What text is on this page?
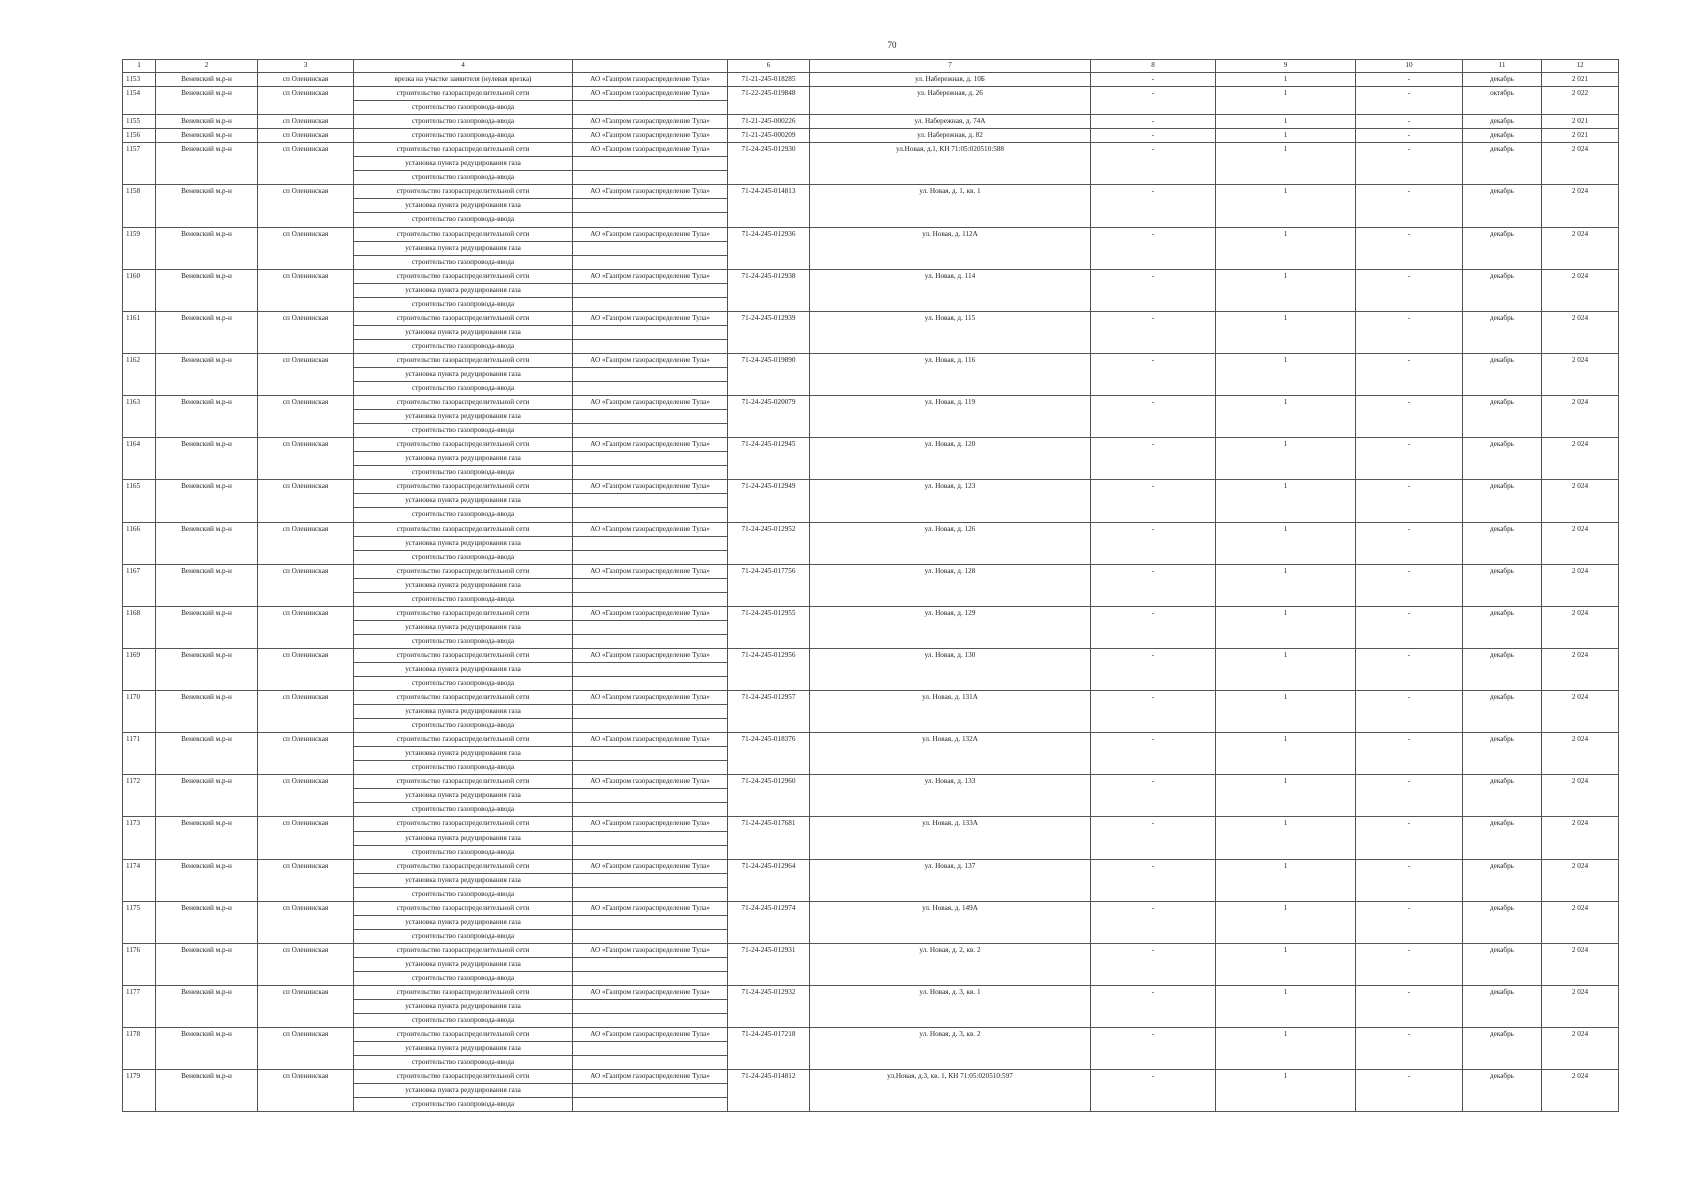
70
1	2	3	4		6	7	8	9	10	11	12
1153	Веневский м.р-н	сп Оленинская	врезка на участке заявителя (нулевая врезка)	АО «Газпром газораспределение Тула»	71-21-245-018285	ул. Набережная, д. 10Б	-	1	-	декабрь	2 021
1154	Веневский м.р-н	сп Оленинская	строительство газораспределительной сети	АО «Газпром газораспределение Тула»	71-22-245-019848	ул. Набережная, д. 26	-	1	-	октябрь	2 022
			строительство газопровода-ввода								
1155	Веневский м.р-н	сп Оленинская	строительство газопровода-ввода	АО «Газпром газораспределение Тула»	71-21-245-000226	ул. Набережная, д. 74А	-	1	-	декабрь	2 021
1156	Веневский м.р-н	сп Оленинская	строительство газопровода-ввода	АО «Газпром газораспределение Тула»	71-21-245-000209	ул. Набережная, д. 82	-	1	-	декабрь	2 021
1157	Веневский м.р-н	сп Оленинская	строительство газораспределительной сети	АО «Газпром газораспределение Тула»	71-24-245-012930	ул.Новая, д.1, КН 71:05:020510:588	-	1	-	декабрь	2 024
			установка пункта редуцирования газа								
			строительство газопровода-ввода								
1158	Веневский м.р-н	сп Оленинская	строительство газораспределительной сети	АО «Газпром газораспределение Тула»	71-24-245-014813	ул. Новая, д. 1, кв. 1	-	1	-	декабрь	2 024
			установка пункта редуцирования газа								
			строительство газопровода-ввода								
1159	Веневский м.р-н	сп Оленинская	строительство газораспределительной сети	АО «Газпром газораспределение Тула»	71-24-245-012936	ул. Новая, д. 112А	-	1	-	декабрь	2 024
			установка пункта редуцирования газа								
			строительство газопровода-ввода								
1160	Веневский м.р-н	сп Оленинская	строительство газораспределительной сети	АО «Газпром газораспределение Тула»	71-24-245-012938	ул. Новая, д. 114	-	1	-	декабрь	2 024
			установка пункта редуцирования газа								
			строительство газопровода-ввода								
1161	Веневский м.р-н	сп Оленинская	строительство газораспределительной сети	АО «Газпром газораспределение Тула»	71-24-245-012939	ул. Новая, д. 115	-	1	-	декабрь	2 024
			установка пункта редуцирования газа								
			строительство газопровода-ввода								
1162	Веневский м.р-н	сп Оленинская	строительство газораспределительной сети	АО «Газпром газораспределение Тула»	71-24-245-019890	ул. Новая, д. 116	-	1	-	декабрь	2 024
			установка пункта редуцирования газа								
			строительство газопровода-ввода								
1163	Веневский м.р-н	сп Оленинская	строительство газораспределительной сети	АО «Газпром газораспределение Тула»	71-24-245-020079	ул. Новая, д. 119	-	1	-	декабрь	2 024
			установка пункта редуцирования газа								
			строительство газопровода-ввода								
1164	Веневский м.р-н	сп Оленинская	строительство газораспределительной сети	АО «Газпром газораспределение Тула»	71-24-245-012945	ул. Новая, д. 120	-	1	-	декабрь	2 024
			установка пункта редуцирования газа								
			строительство газопровода-ввода								
1165	Веневский м.р-н	сп Оленинская	строительство газораспределительной сети	АО «Газпром газораспределение Тула»	71-24-245-012949	ул. Новая, д. 123	-	1	-	декабрь	2 024
			установка пункта редуцирования газа								
			строительство газопровода-ввода								
1166	Веневский м.р-н	сп Оленинская	строительство газораспределительной сети	АО «Газпром газораспределение Тула»	71-24-245-012952	ул. Новая, д. 126	-	1	-	декабрь	2 024
			установка пункта редуцирования газа								
			строительство газопровода-ввода								
1167	Веневский м.р-н	сп Оленинская	строительство газораспределительной сети	АО «Газпром газораспределение Тула»	71-24-245-017756	ул. Новая, д. 128	-	1	-	декабрь	2 024
			установка пункта редуцирования газа								
			строительство газопровода-ввода								
1168	Веневский м.р-н	сп Оленинская	строительство газораспределительной сети	АО «Газпром газораспределение Тула»	71-24-245-012955	ул. Новая, д. 129	-	1	-	декабрь	2 024
			установка пункта редуцирования газа								
			строительство газопровода-ввода								
1169	Веневский м.р-н	сп Оленинская	строительство газораспределительной сети	АО «Газпром газораспределение Тула»	71-24-245-012956	ул. Новая, д. 130	-	1	-	декабрь	2 024
			установка пункта редуцирования газа								
			строительство газопровода-ввода								
1170	Веневский м.р-н	сп Оленинская	строительство газораспределительной сети	АО «Газпром газораспределение Тула»	71-24-245-012957	ул. Новая, д. 131А	-	1	-	декабрь	2 024
			установка пункта редуцирования газа								
			строительство газопровода-ввода								
1171	Веневский м.р-н	сп Оленинская	строительство газораспределительной сети	АО «Газпром газораспределение Тула»	71-24-245-018376	ул. Новая, д. 132А	-	1	-	декабрь	2 024
			установка пункта редуцирования газа								
			строительство газопровода-ввода								
1172	Веневский м.р-н	сп Оленинская	строительство газораспределительной сети	АО «Газпром газораспределение Тула»	71-24-245-012960	ул. Новая, д. 133	-	1	-	декабрь	2 024
			установка пункта редуцирования газа								
			строительство газопровода-ввода								
1173	Веневский м.р-н	сп Оленинская	строительство газораспределительной сети	АО «Газпром газораспределение Тула»	71-24-245-017681	ул. Новая, д. 133А	-	1	-	декабрь	2 024
			установка пункта редуцирования газа								
			строительство газопровода-ввода								
1174	Веневский м.р-н	сп Оленинская	строительство газораспределительной сети	АО «Газпром газораспределение Тула»	71-24-245-012964	ул. Новая, д. 137	-	1	-	декабрь	2 024
			установка пункта редуцирования газа								
			строительство газопровода-ввода								
1175	Веневский м.р-н	сп Оленинская	строительство газораспределительной сети	АО «Газпром газораспределение Тула»	71-24-245-012974	ул. Новая, д. 149А	-	1	-	декабрь	2 024
			установка пункта редуцирования газа								
			строительство газопровода-ввода								
1176	Веневский м.р-н	сп Оленинская	строительство газораспределительной сети	АО «Газпром газораспределение Тула»	71-24-245-012931	ул. Новая, д. 2, кв. 2	-	1	-	декабрь	2 024
			установка пункта редуцирования газа								
			строительство газопровода-ввода								
1177	Веневский м.р-н	сп Оленинская	строительство газораспределительной сети	АО «Газпром газораспределение Тула»	71-24-245-012932	ул. Новая, д. 3, кв. 1	-	1	-	декабрь	2 024
			установка пункта редуцирования газа								
			строительство газопровода-ввода								
1178	Веневский м.р-н	сп Оленинская	строительство газораспределительной сети	АО «Газпром газораспределение Тула»	71-24-245-017218	ул. Новая, д. 3, кв. 2	-	1	-	декабрь	2 024
			установка пункта редуцирования газа								
			строительство газопровода-ввода								
1179	Веневский м.р-н	сп Оленинская	строительство газораспределительной сети	АО «Газпром газораспределение Тула»	71-24-245-014812	ул.Новая, д.3, кв. 1, КН 71:05:020510:597	-	1	-	декабрь	2 024
			установка пункта редуцирования газа								
			строительство газопровода-ввода								
